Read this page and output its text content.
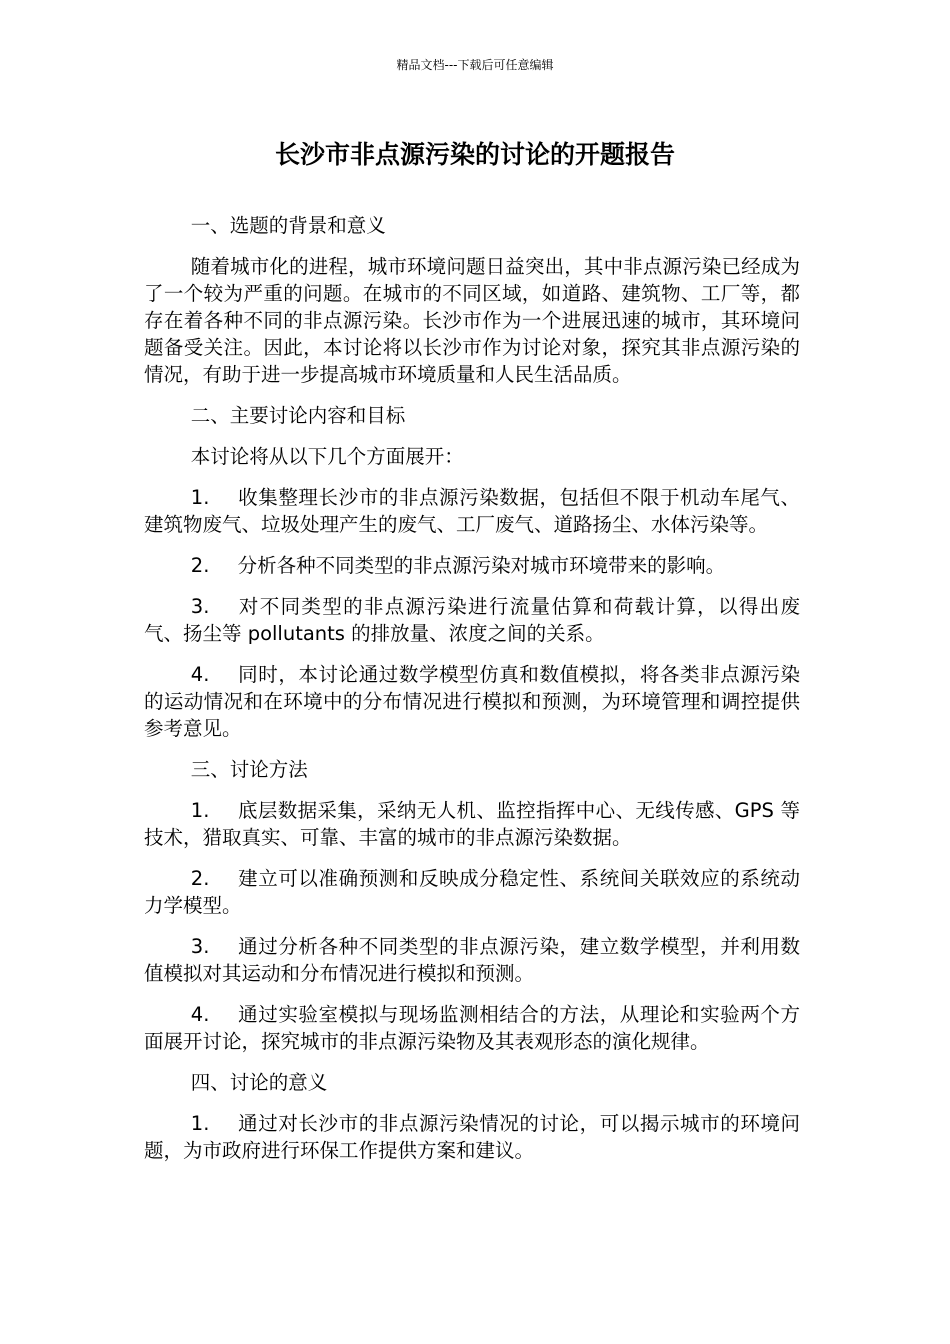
精品文档---下载后可任意编辑
长沙市非点源污染的讨论的开题报告

一、选题的背景和意义

随着城市化的进程，城市环境问题日益突出，其中非点源污染已经成为了一个较为严重的问题。在城市的不同区域，如道路、建筑物、工厂等，都存在着各种不同的非点源污染。长沙市作为一个进展迅速的城市，其环境问题备受关注。因此，本讨论将以长沙市作为讨论对象，探究其非点源污染的情况，有助于进一步提高城市环境质量和人民生活品质。

二、主要讨论内容和目标

本讨论将从以下几个方面展开：

1. 收集整理长沙市的非点源污染数据，包括但不限于机动车尾气、建筑物废气、垃圾处理产生的废气、工厂废气、道路扬尘、水体污染等。

2. 分析各种不同类型的非点源污染对城市环境带来的影响。

3. 对不同类型的非点源污染进行流量估算和荷载计算，以得出废气、扬尘等 pollutants 的排放量、浓度之间的关系。

4. 同时，本讨论通过数学模型仿真和数值模拟，将各类非点源污染的运动情况和在环境中的分布情况进行模拟和预测，为环境管理和调控提供参考意见。

三、讨论方法

1. 底层数据采集，采纳无人机、监控指挥中心、无线传感、GPS 等技术，猎取真实、可靠、丰富的城市的非点源污染数据。

2. 建立可以准确预测和反映成分稳定性、系统间关联效应的系统动力学模型。

3. 通过分析各种不同类型的非点源污染，建立数学模型，并利用数值模拟对其运动和分布情况进行模拟和预测。

4. 通过实验室模拟与现场监测相结合的方法，从理论和实验两个方面展开讨论，探究城市的非点源污染物及其表观形态的演化规律。

四、讨论的意义

1. 通过对长沙市的非点源污染情况的讨论，可以揭示城市的环境问题，为市政府进行环保工作提供方案和建议。
